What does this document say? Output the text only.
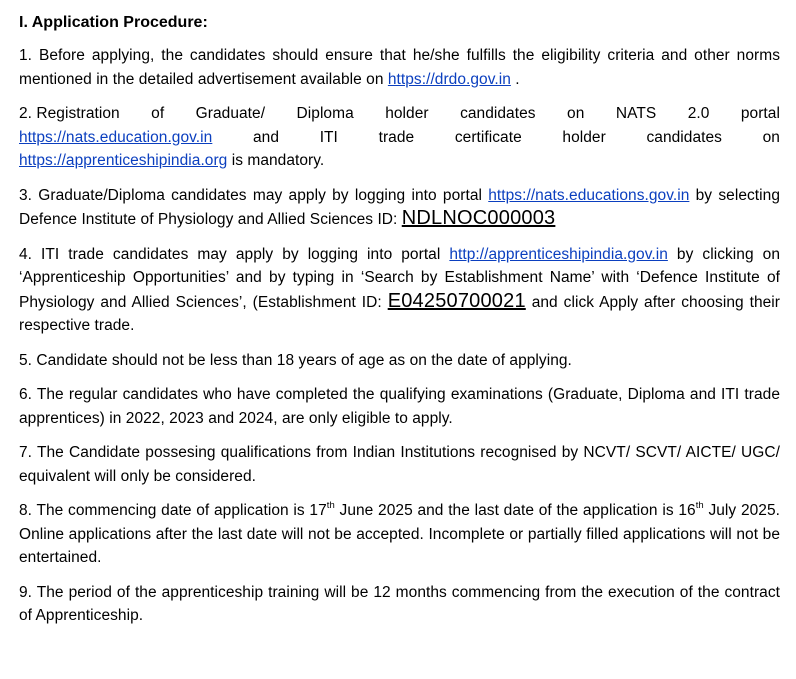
I. Application Procedure:

1. Before applying, the candidates should ensure that he/she fulfills the eligibility criteria and other norms mentioned in the detailed advertisement available on https://drdo.gov.in .

2. Registration of Graduate/ Diploma holder candidates on NATS 2.0 portal
https://nats.education.gov.in	and	ITI	trade	certificate	holder	candidates	on
https://apprenticeshipindia.org is mandatory.

3. Graduate/Diploma candidates may apply by logging into portal https://nats.educations.gov.in by selecting Defence Institute of Physiology and Allied Sciences ID: NDLNOC000003

4. ITI trade candidates may apply by logging into portal http://apprenticeshipindia.gov.in by clicking on ‘Apprenticeship Opportunities’ and by typing in ‘Search by Establishment Name’ with ‘Defence Institute of Physiology and Allied Sciences’, (Establishment ID: E04250700021 and click Apply after choosing their respective trade.

5. Candidate should not be less than 18 years of age as on the date of applying.

6. The regular candidates who have completed the qualifying examinations (Graduate, Diploma and ITI trade apprentices) in 2022, 2023 and 2024, are only eligible to apply.

7. The Candidate possesing qualifications from Indian Institutions recognised by NCVT/ SCVT/ AICTE/ UGC/ equivalent will only be considered.

8. The commencing date of application is 17th June 2025 and the last date of the application is 16th July 2025. Online applications after the last date will not be accepted. Incomplete or partially filled applications will not be entertained.

9. The period of the apprenticeship training will be 12 months commencing from the execution of the contract of Apprenticeship.
